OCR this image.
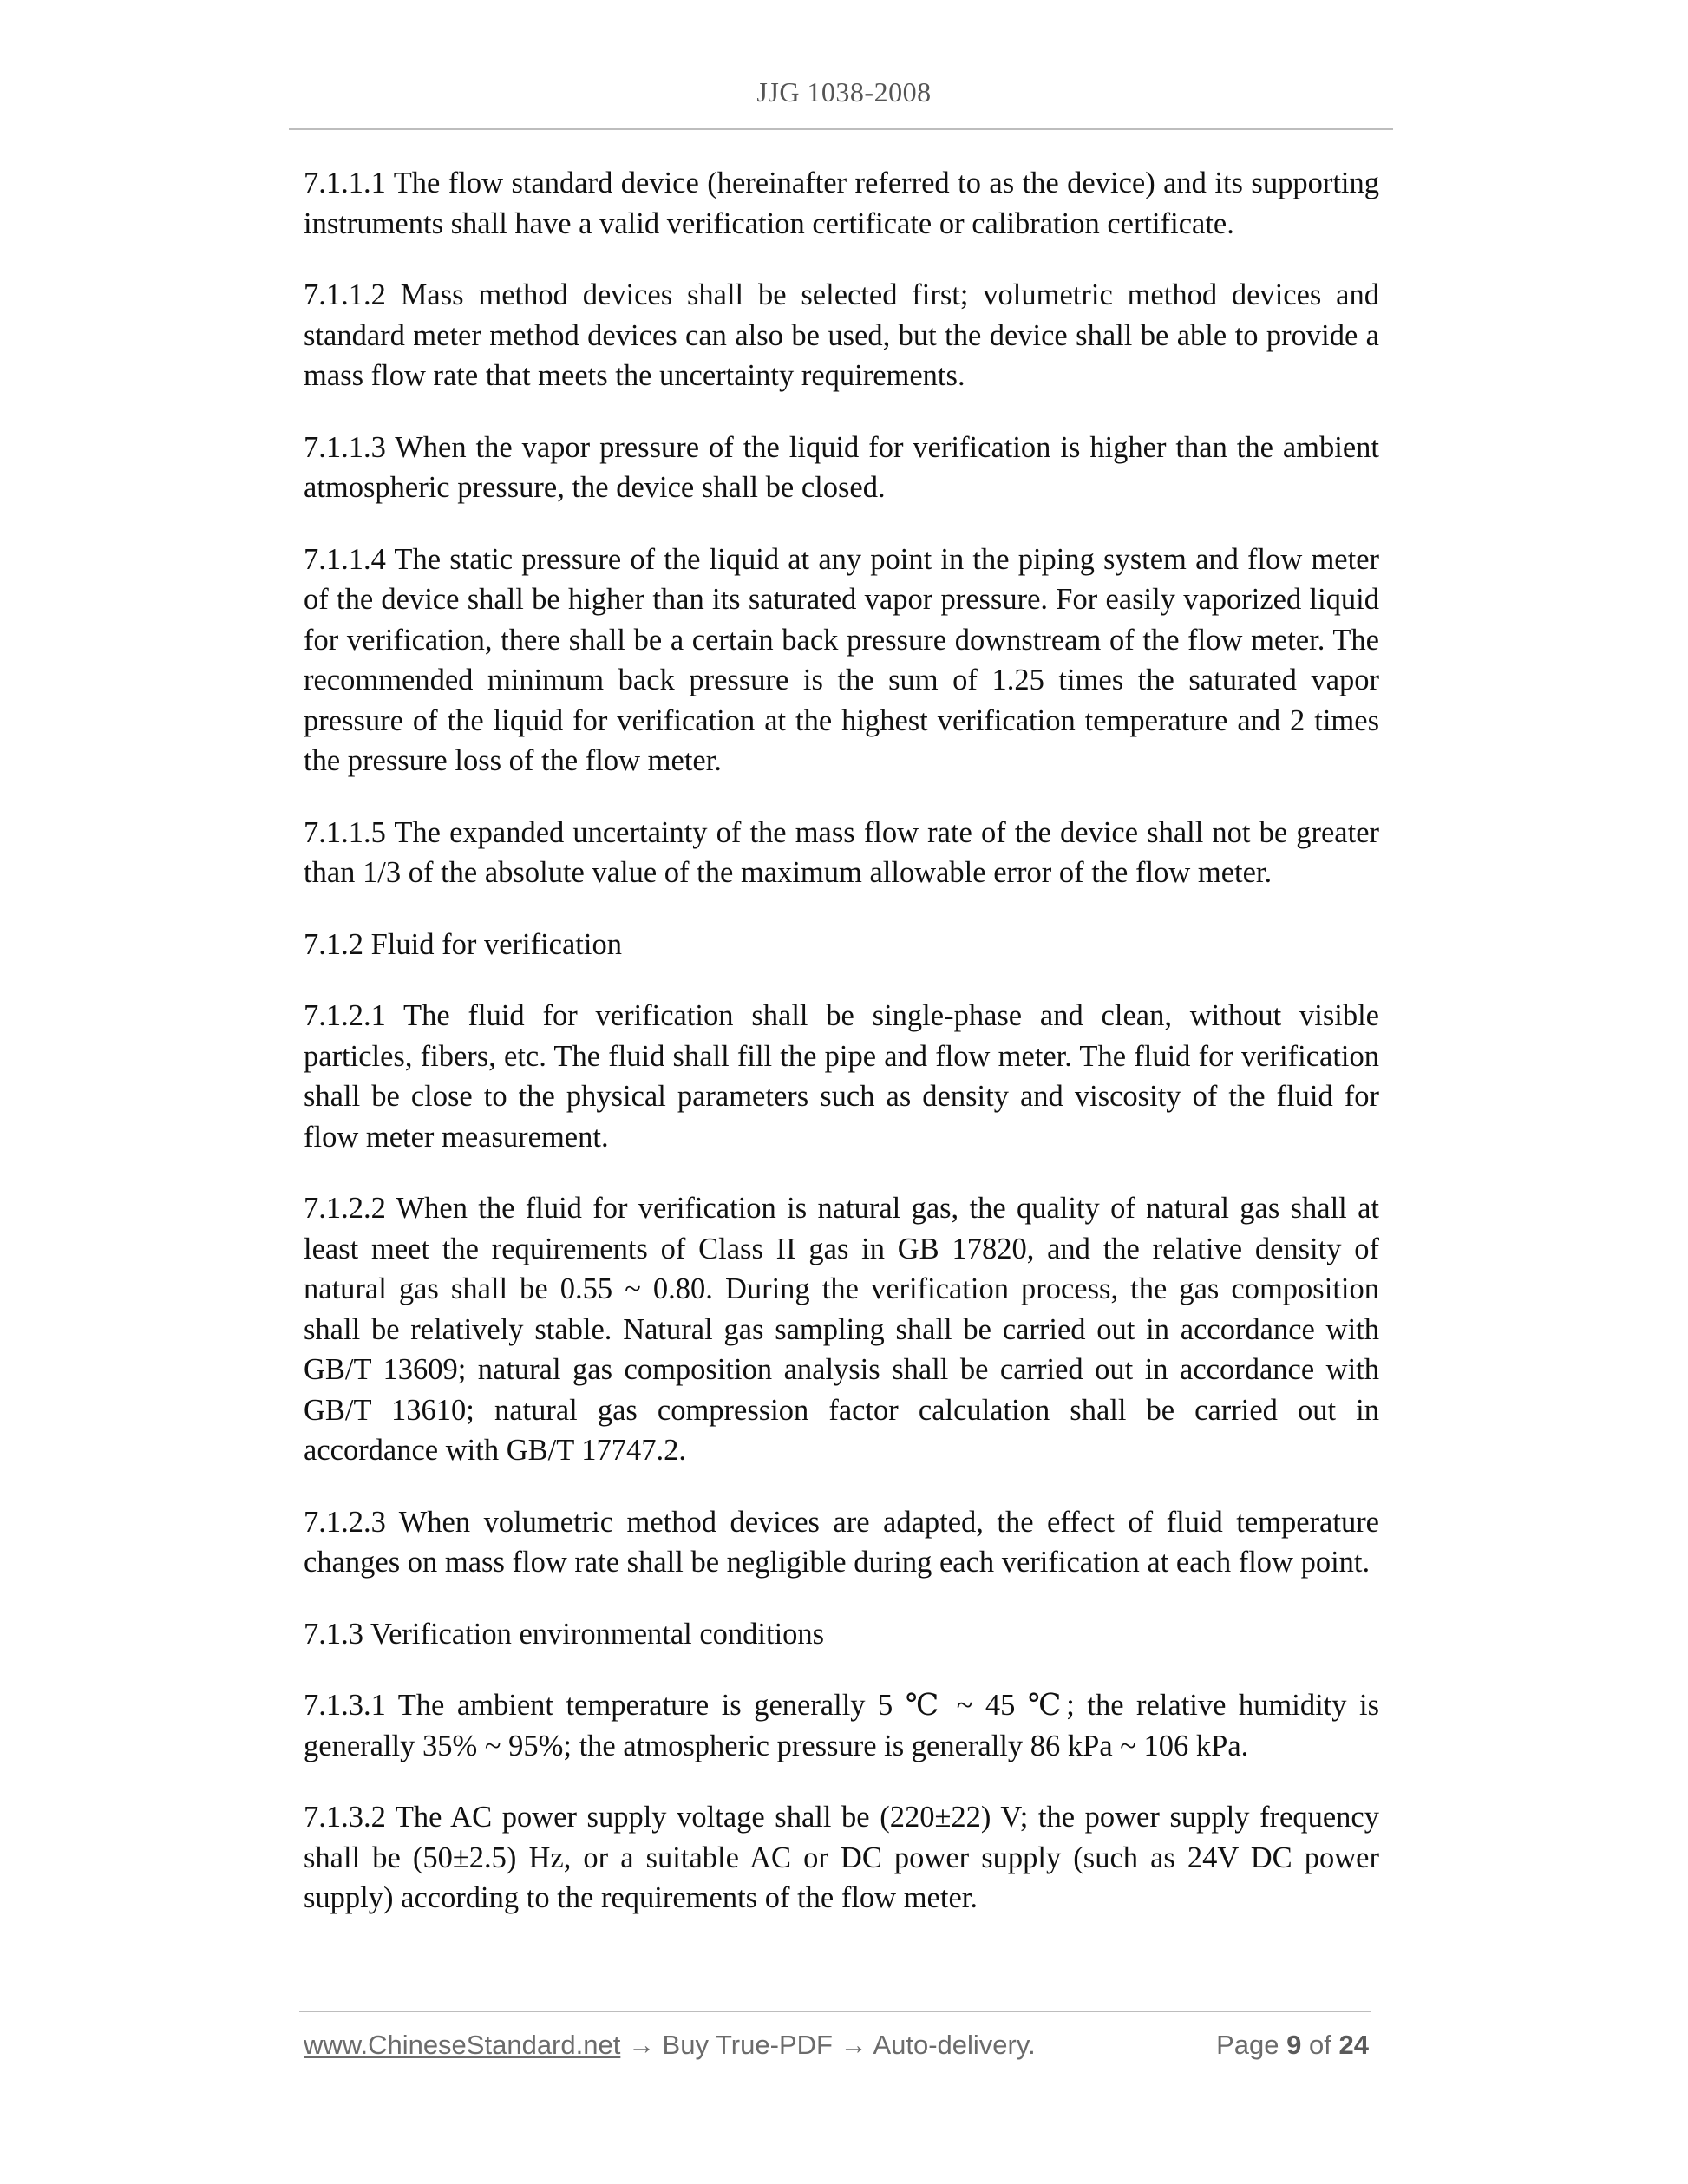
JJG 1038-2008

7.1.1.1 The flow standard device (hereinafter referred to as the device) and its supporting instruments shall have a valid verification certificate or calibration certificate.

7.1.1.2 Mass method devices shall be selected first; volumetric method devices and standard meter method devices can also be used, but the device shall be able to provide a mass flow rate that meets the uncertainty requirements.

7.1.1.3 When the vapor pressure of the liquid for verification is higher than the ambient atmospheric pressure, the device shall be closed.

7.1.1.4 The static pressure of the liquid at any point in the piping system and flow meter of the device shall be higher than its saturated vapor pressure. For easily vaporized liquid for verification, there shall be a certain back pressure downstream of the flow meter. The recommended minimum back pressure is the sum of 1.25 times the saturated vapor pressure of the liquid for verification at the highest verification temperature and 2 times the pressure loss of the flow meter.

7.1.1.5 The expanded uncertainty of the mass flow rate of the device shall not be greater than 1/3 of the absolute value of the maximum allowable error of the flow meter.

7.1.2 Fluid for verification

7.1.2.1 The fluid for verification shall be single-phase and clean, without visible particles, fibers, etc. The fluid shall fill the pipe and flow meter. The fluid for verification shall be close to the physical parameters such as density and viscosity of the fluid for flow meter measurement.

7.1.2.2 When the fluid for verification is natural gas, the quality of natural gas shall at least meet the requirements of Class II gas in GB 17820, and the relative density of natural gas shall be 0.55 ~ 0.80. During the verification process, the gas composition shall be relatively stable. Natural gas sampling shall be carried out in accordance with GB/T 13609; natural gas composition analysis shall be carried out in accordance with GB/T 13610; natural gas compression factor calculation shall be carried out in accordance with GB/T 17747.2.

7.1.2.3 When volumetric method devices are adapted, the effect of fluid temperature changes on mass flow rate shall be negligible during each verification at each flow point.

7.1.3 Verification environmental conditions

7.1.3.1 The ambient temperature is generally 5 ℃ ~ 45 ℃; the relative humidity is generally 35% ~ 95%; the atmospheric pressure is generally 86 kPa ~ 106 kPa.

7.1.3.2 The AC power supply voltage shall be (220±22) V; the power supply frequency shall be (50±2.5) Hz, or a suitable AC or DC power supply (such as 24V DC power supply) according to the requirements of the flow meter.

www.ChineseStandard.net → Buy True-PDF → Auto-delivery.	Page 9 of 24
